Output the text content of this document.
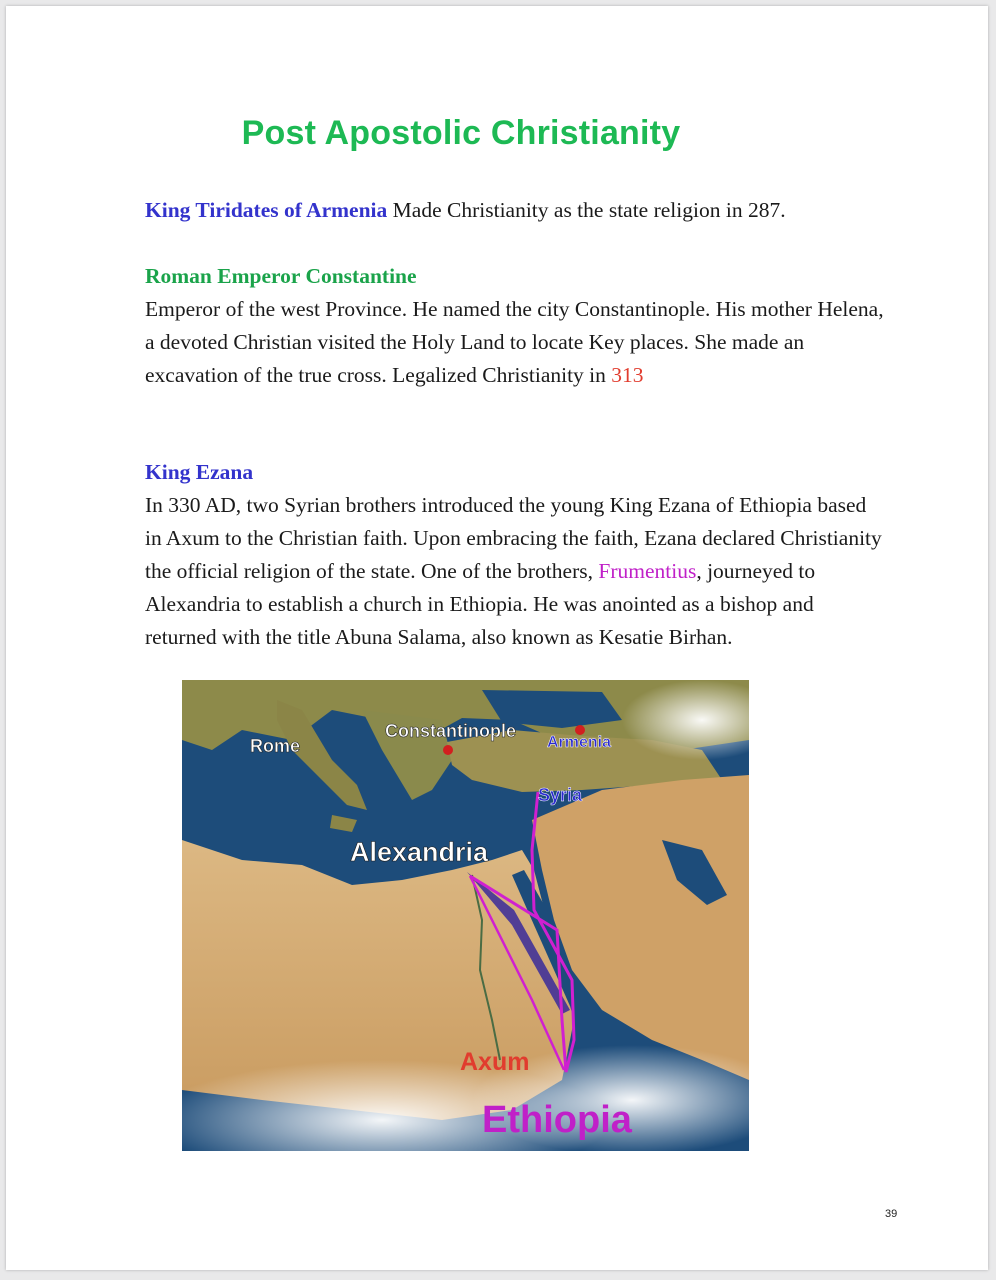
Post Apostolic Christianity
King Tiridates of Armenia Made Christianity as the state religion in 287.
Roman Emperor Constantine
Emperor of the west Province. He named the city Constantinople. His mother Helena, a devoted Christian visited the Holy Land to locate Key places. She made an excavation of the true cross. Legalized Christianity in 313
King Ezana
In 330 AD, two Syrian brothers introduced the young King Ezana of Ethiopia based in Axum to the Christian faith. Upon embracing the faith, Ezana declared Christianity the official religion of the state. One of the brothers, Frumentius, journeyed to Alexandria to establish a church in Ethiopia. He was anointed as a bishop and returned with the title Abuna Salama, also known as Kesatie Birhan.
Rome
Constantinople
Armenia
Syria
Alexandria
Axum
Ethiopia
39
